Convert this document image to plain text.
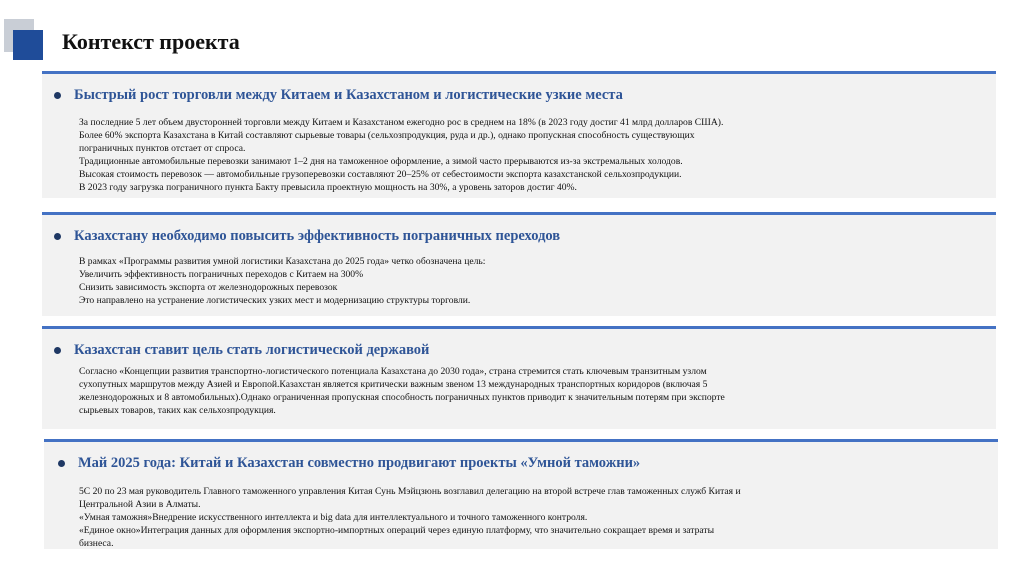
Контекст проекта
Быстрый рост торговли между Китаем и Казахстаном и логистические узкие места
За последние 5 лет объем двусторонней торговли между Китаем и Казахстаном ежегодно рос в среднем на 18% (в 2023 году достиг 41 млрд долларов США).
Более 60% экспорта Казахстана в Китай составляют сырьевые товары (сельхозпродукция, руда и др.), однако пропускная способность существующих
пограничных пунктов отстает от спроса.
Традиционные автомобильные перевозки занимают 1–2 дня на таможенное оформление, а зимой часто прерываются из-за экстремальных холодов.
Высокая стоимость перевозок — автомобильные грузоперевозки составляют 20–25% от себестоимости экспорта казахстанской сельхозпродукции.
В 2023 году загрузка пограничного пункта Бакту превысила проектную мощность на 30%, а уровень заторов достиг 40%.
Казахстану необходимо повысить эффективность пограничных переходов
В рамках «Программы развития умной логистики Казахстана до 2025 года» четко обозначена цель:
Увеличить эффективность пограничных переходов с Китаем на 300%
Снизить зависимость экспорта от железнодорожных перевозок
Это направлено на устранение логистических узких мест и модернизацию структуры торговли.
Казахстан ставит цель стать логистической державой
Согласно «Концепции развития транспортно-логистического потенциала Казахстана до 2030 года», страна стремится стать ключевым транзитным узлом
сухопутных маршрутов между Азией и Европой.Казахстан является критически важным звеном 13 международных транспортных коридоров (включая 5
железнодорожных и 8 автомобильных).Однако ограниченная пропускная способность пограничных пунктов приводит к значительным потерям при экспорте
сырьевых товаров, таких как сельхозпродукция.
Май 2025 года: Китай и Казахстан совместно продвигают проекты «Умной таможни»
5С 20 по 23 мая руководитель Главного таможенного управления Китая Сунь Мэйцзюнь возглавил делегацию на второй встрече глав таможенных служб Китая и
Центральной Азии в Алматы.
«Умная таможня»Внедрение искусственного интеллекта и big data для интеллектуального и точного таможенного контроля.
«Единое окно»Интеграция данных для оформления экспортно-импортных операций через единую платформу, что значительно сокращает время и затраты
бизнеса.
